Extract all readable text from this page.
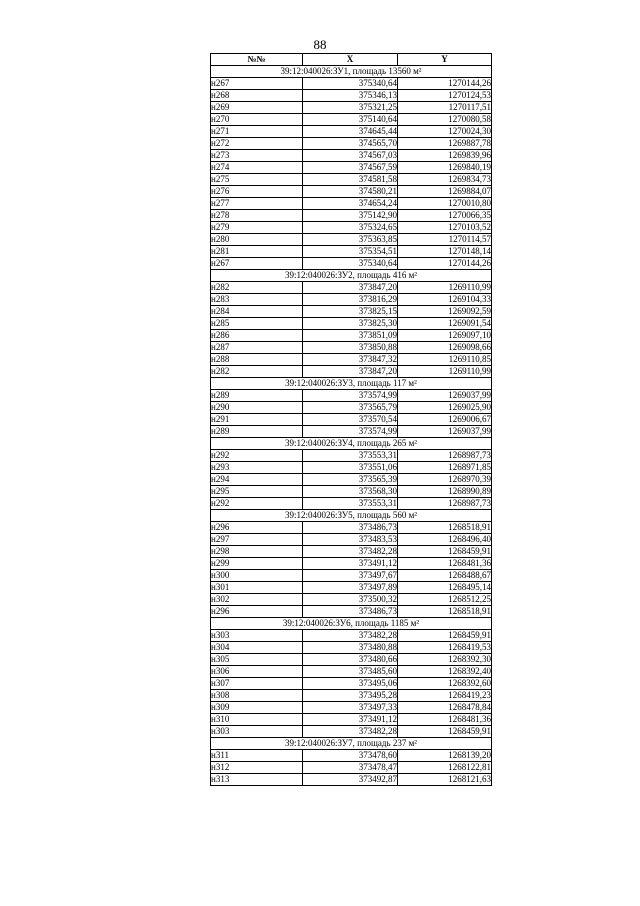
88
№№	X	Y
39:12:040026:ЗУ1, площадь 13560 м²		
н267	375340,64	1270144,26
н268	375346,13	1270124,53
н269	375321,25	1270117,51
н270	375140,64	1270080,58
н271	374645,44	1270024,30
н272	374565,70	1269887,78
н273	374567,03	1269839,96
н274	374567,59	1269840,19
н275	374581,58	1269834,73
н276	374580,21	1269884,07
н277	374654,24	1270010,80
н278	375142,90	1270066,35
н279	375324,65	1270103,52
н280	375363,85	1270114,57
н281	375354,51	1270148,14
н267	375340,64	1270144,26
39:12:040026:ЗУ2, площадь 416 м²		
н282	373847,20	1269110,99
н283	373816,29	1269104,33
н284	373825,15	1269092,59
н285	373825,30	1269091,54
н286	373851,09	1269097,10
н287	373850,88	1269098,66
н288	373847,32	1269110,85
н282	373847,20	1269110,99
39:12:040026:ЗУ3, площадь 117 м²		
н289	373574,99	1269037,99
н290	373565,79	1269025,90
н291	373570,54	1269006,67
н289	373574,99	1269037,99
39:12:040026:ЗУ4, площадь 265 м²		
н292	373553,31	1268987,73
н293	373551,06	1268971,85
н294	373565,39	1268970,39
н295	373568,30	1268990,89
н292	373553,31	1268987,73
39:12:040026:ЗУ5, площадь 560 м²		
н296	373486,73	1268518,91
н297	373483,53	1268496,40
н298	373482,28	1268459,91
н299	373491,12	1268481,36
н300	373497,67	1268488,67
н301	373497,89	1268495,14
н302	373500,32	1268512,25
н296	373486,73	1268518,91
39:12:040026:ЗУ6, площадь 1185 м²		
н303	373482,28	1268459,91
н304	373480,88	1268419,53
н305	373480,66	1268392,30
н306	373485,60	1268392,40
н307	373495,06	1268392,60
н308	373495,28	1268419,23
н309	373497,33	1268478,84
н310	373491,12	1268481,36
н303	373482,28	1268459,91
39:12:040026:ЗУ7, площадь 237 м²		
н311	373478,60	1268139,20
н312	373478,47	1268122,81
н313	373492,87	1268121,63
